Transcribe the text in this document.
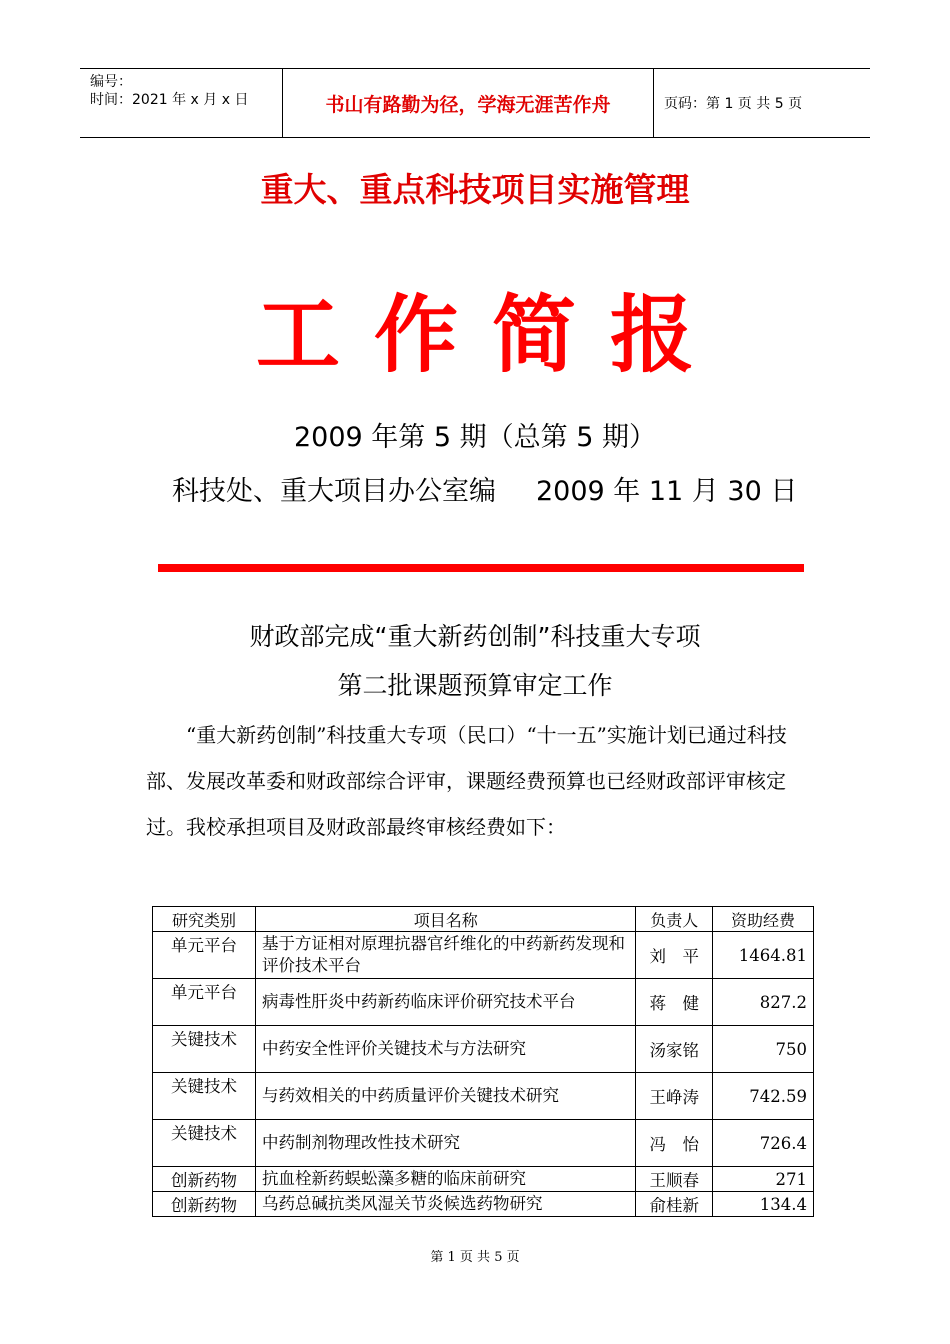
编号：
时间：2021 年 x 月 x 日	书山有路勤为径，学海无涯苦作舟	页码：第 1 页 共 5 页
重大、重点科技项目实施管理
工作简报
2009 年第 5 期（总第 5 期）
科技处、重大项目办公室编 2009 年 11 月 30 日
财政部完成“重大新药创制”科技重大专项
第二批课题预算审定工作

“重大新药创制”科技重大专项（民口）“十一五”实施计划已通过科技部、发展改革委和财政部综合评审，课题经费预算也已经财政部评审核定过。我校承担项目及财政部最终审核经费如下：

研究类别	项目名称	负责人	资助经费
单元平台	基于方证相对原理抗器官纤维化的中药新药发现和评价技术平台	刘　平	1464.81
单元平台	病毒性肝炎中药新药临床评价研究技术平台	蒋　健	827.2
关键技术	中药安全性评价关键技术与方法研究	汤家铭	750
关键技术	与药效相关的中药质量评价关键技术研究	王峥涛	742.59
关键技术	中药制剂物理改性技术研究	冯　怡	726.4
创新药物	抗血栓新药蜈蚣藻多糖的临床前研究	王顺春	271
创新药物	乌药总碱抗类风湿关节炎候选药物研究	俞桂新	134.4
第 1 页 共 5 页
